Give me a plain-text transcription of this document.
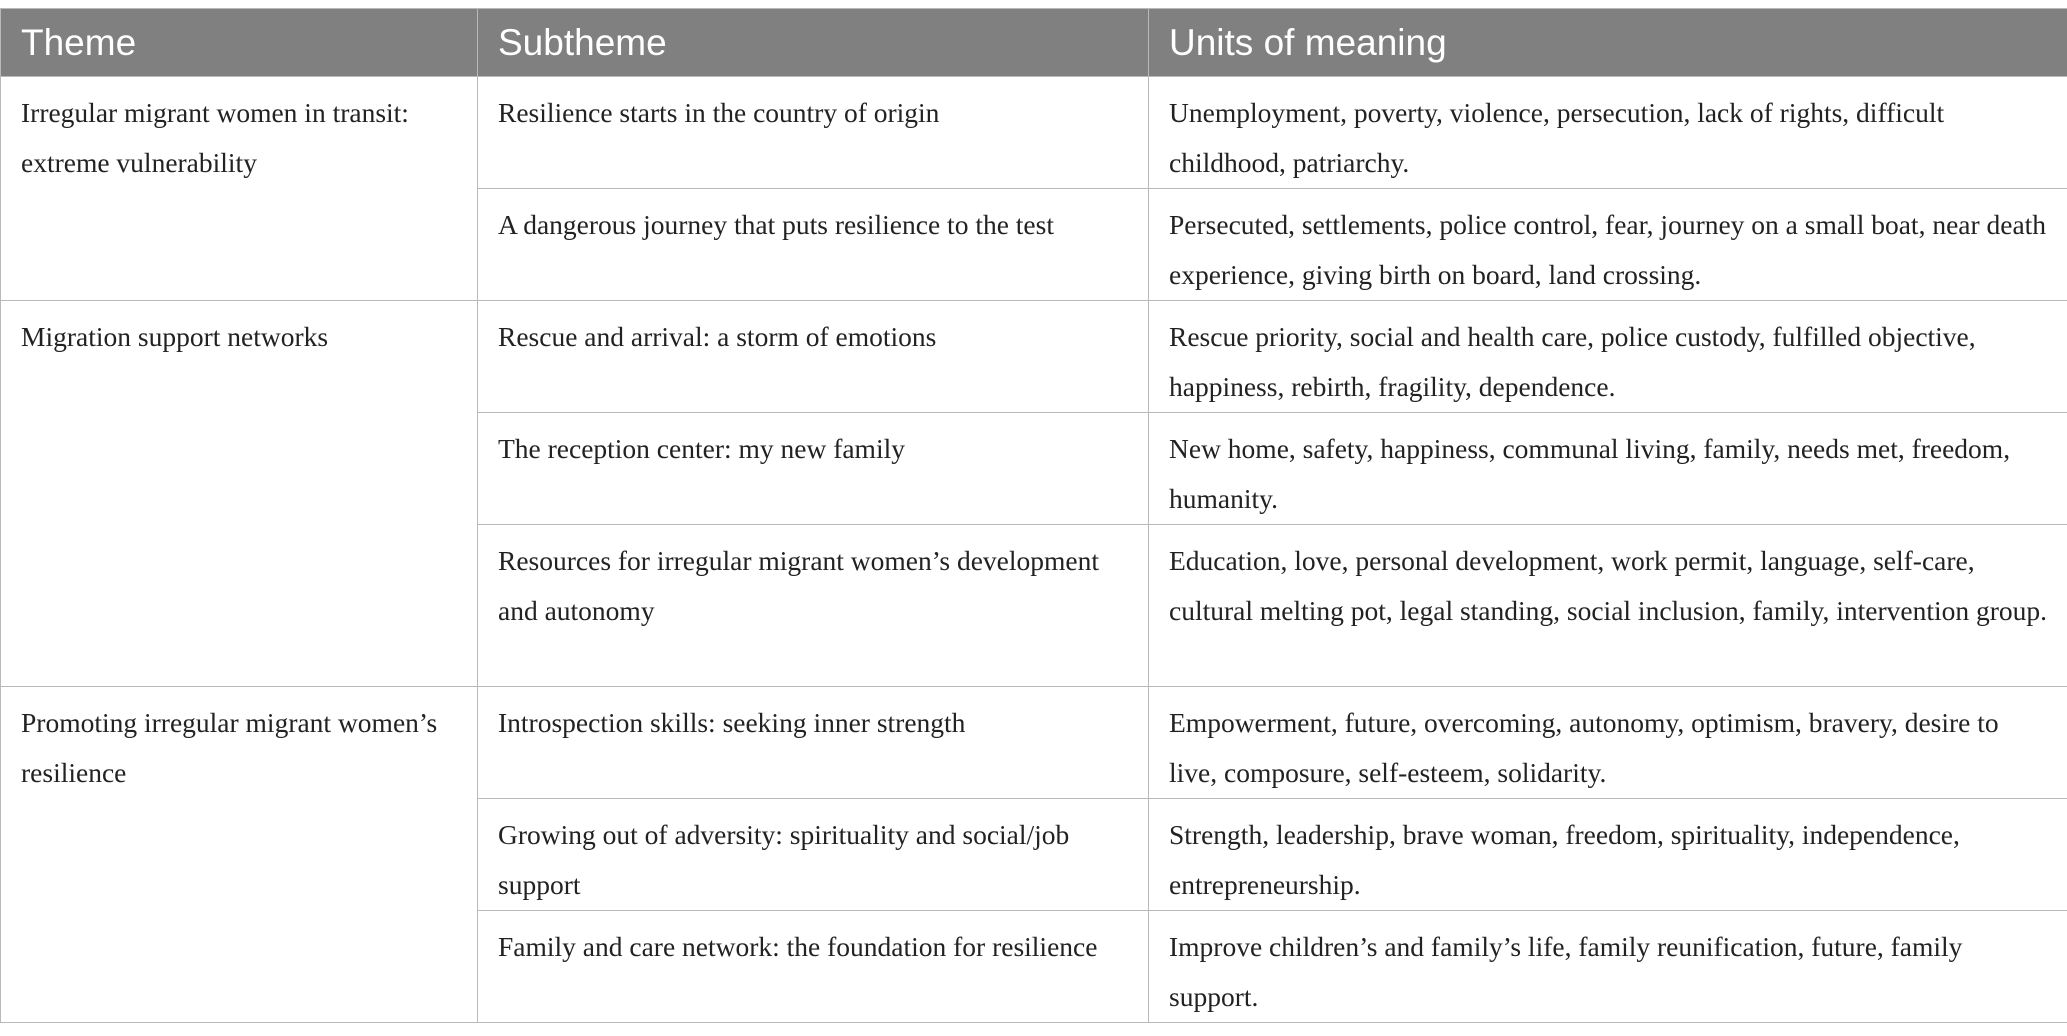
Theme	Subtheme	Units of meaning
Irregular migrant women in transit: extreme vulnerability	Resilience starts in the country of origin	Unemployment, poverty, violence, persecution, lack of rights, difficult childhood, patriarchy.
	A dangerous journey that puts resilience to the test	Persecuted, settlements, police control, fear, journey on a small boat, near death experience, giving birth on board, land crossing.
Migration support networks	Rescue and arrival: a storm of emotions	Rescue priority, social and health care, police custody, fulfilled objective, happiness, rebirth, fragility, dependence.
	The reception center: my new family	New home, safety, happiness, communal living, family, needs met, freedom, humanity.
	Resources for irregular migrant women’s development and autonomy	Education, love, personal development, work permit, language, self-care, cultural melting pot, legal standing, social inclusion, family, intervention group.
Promoting irregular migrant women’s resilience	Introspection skills: seeking inner strength	Empowerment, future, overcoming, autonomy, optimism, bravery, desire to live, composure, self-esteem, solidarity.
	Growing out of adversity: spirituality and social/job support	Strength, leadership, brave woman, freedom, spirituality, independence, entrepreneurship.
	Family and care network: the foundation for resilience	Improve children’s and family’s life, family reunification, future, family support.
